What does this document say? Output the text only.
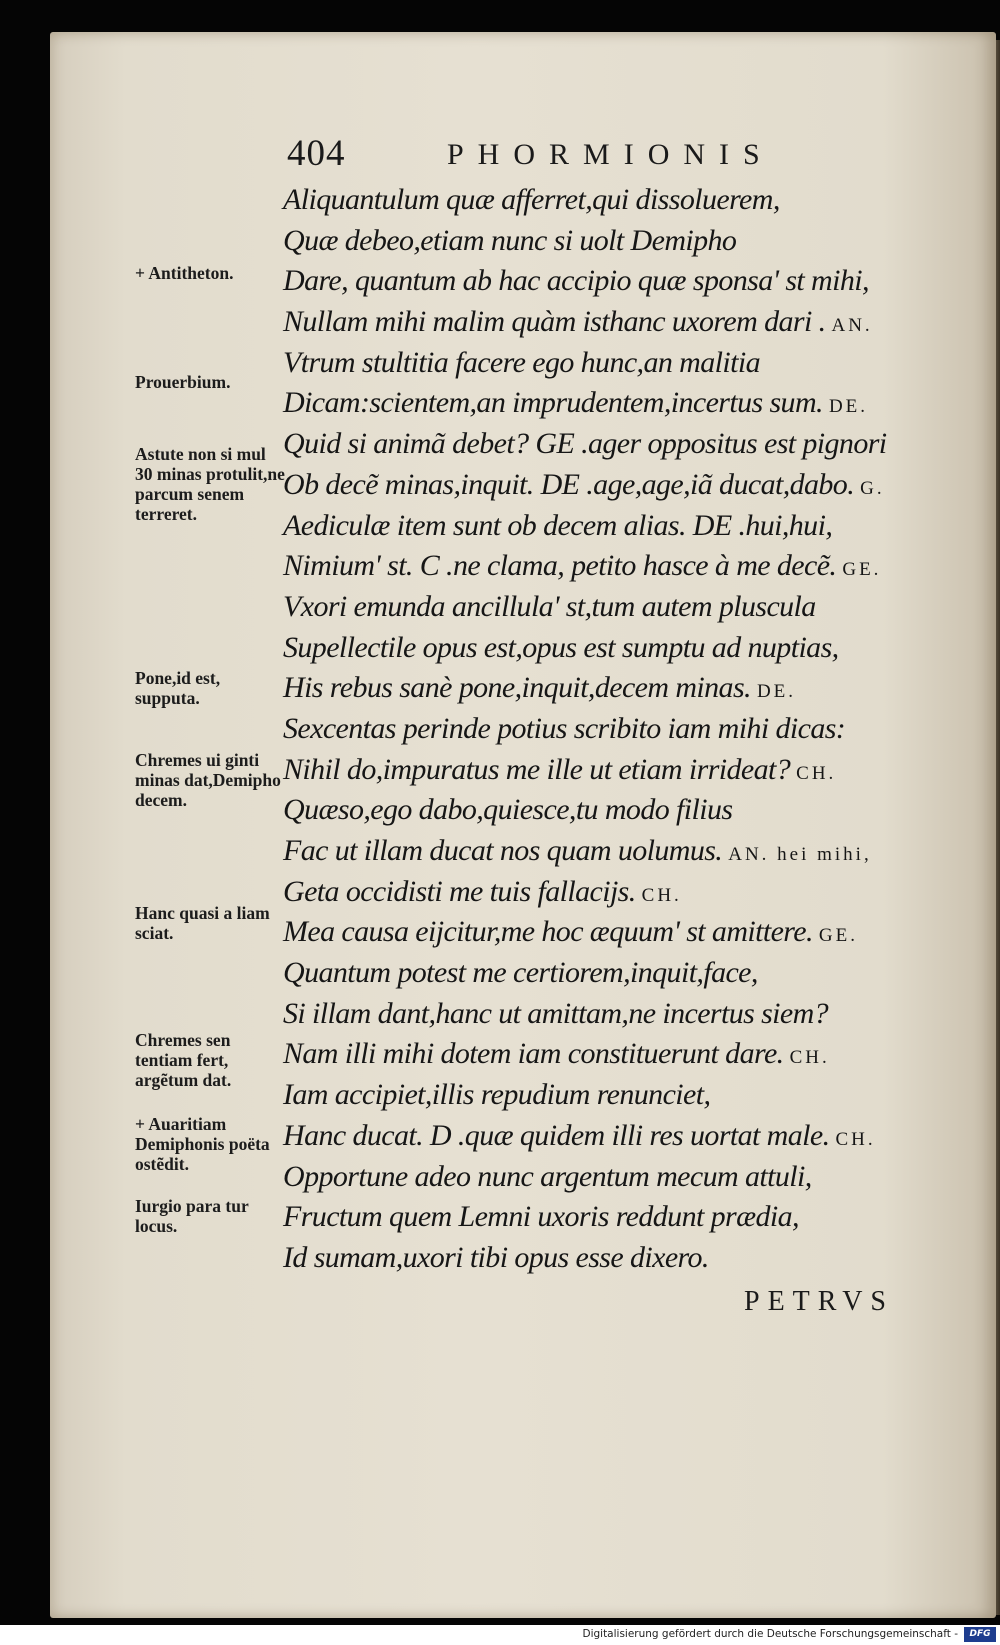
404	PHORMIONIS
Aliquantulum quæ afferret,qui dissoluerem,
Quæ debeo,etiam nunc si uolt Demipho
Dare, quantum ab hac accipio quæ sponsa' st mihi,
Nullam mihi malim quàm isthanc uxorem dari . AN.
Vtrum stultitia facere ego hunc,an malitia
Dicam:scientem,an imprudentem,incertus sum. DE.
Quid si animã debet? GE .ager oppositus est pignori
Ob decẽ minas,inquit. DE .age,age,iã ducat,dabo. G.
Aediculæ item sunt ob decem alias. DE .hui,hui,
Nimium' st. C .ne clama, petito hasce à me decẽ. GE.
Vxori emunda ancillula' st,tum autem pluscula
Supellectile opus est,opus est sumptu ad nuptias,
His rebus sanè pone,inquit,decem minas. DE.
Sexcentas perinde potius scribito iam mihi dicas:
Nihil do,impuratus me ille ut etiam irrideat? CH.
Quæso,ego dabo,quiesce,tu modo filius
Fac ut illam ducat nos quam uolumus. AN. hei mihi,
Geta occidisti me tuis fallacijs. CH.
Mea causa eijcitur,me hoc æquum' st amittere. GE.
Quantum potest me certiorem,inquit,face,
Si illam dant,hanc ut amittam,ne incertus siem?
Nam illi mihi dotem iam constituerunt dare. CH.
Iam accipiet,illis repudium renunciet,
Hanc ducat. D .quæ quidem illi res uortat male. CH.
Opportune adeo nunc argentum mecum attuli,
Fructum quem Lemni uxoris reddunt prædia,
Id sumam,uxori tibi opus esse dixero.
+ Antitheton.
Prouerbium.
Astute non si mul 30 minas protulit,ne parcum senem terreret.
Pone,id est, supputa.
Chremes ui ginti minas dat,Demipho decem.
Hanc quasi a liam sciat.
Chremes sen tentiam fert, argẽtum dat.
+ Auaritiam Demiphonis poëta ostẽdit.
Iurgio para tur locus.
PETRVS
Digitalisierung gefördert durch die Deutsche Forschungsgemeinschaft -	DFG
